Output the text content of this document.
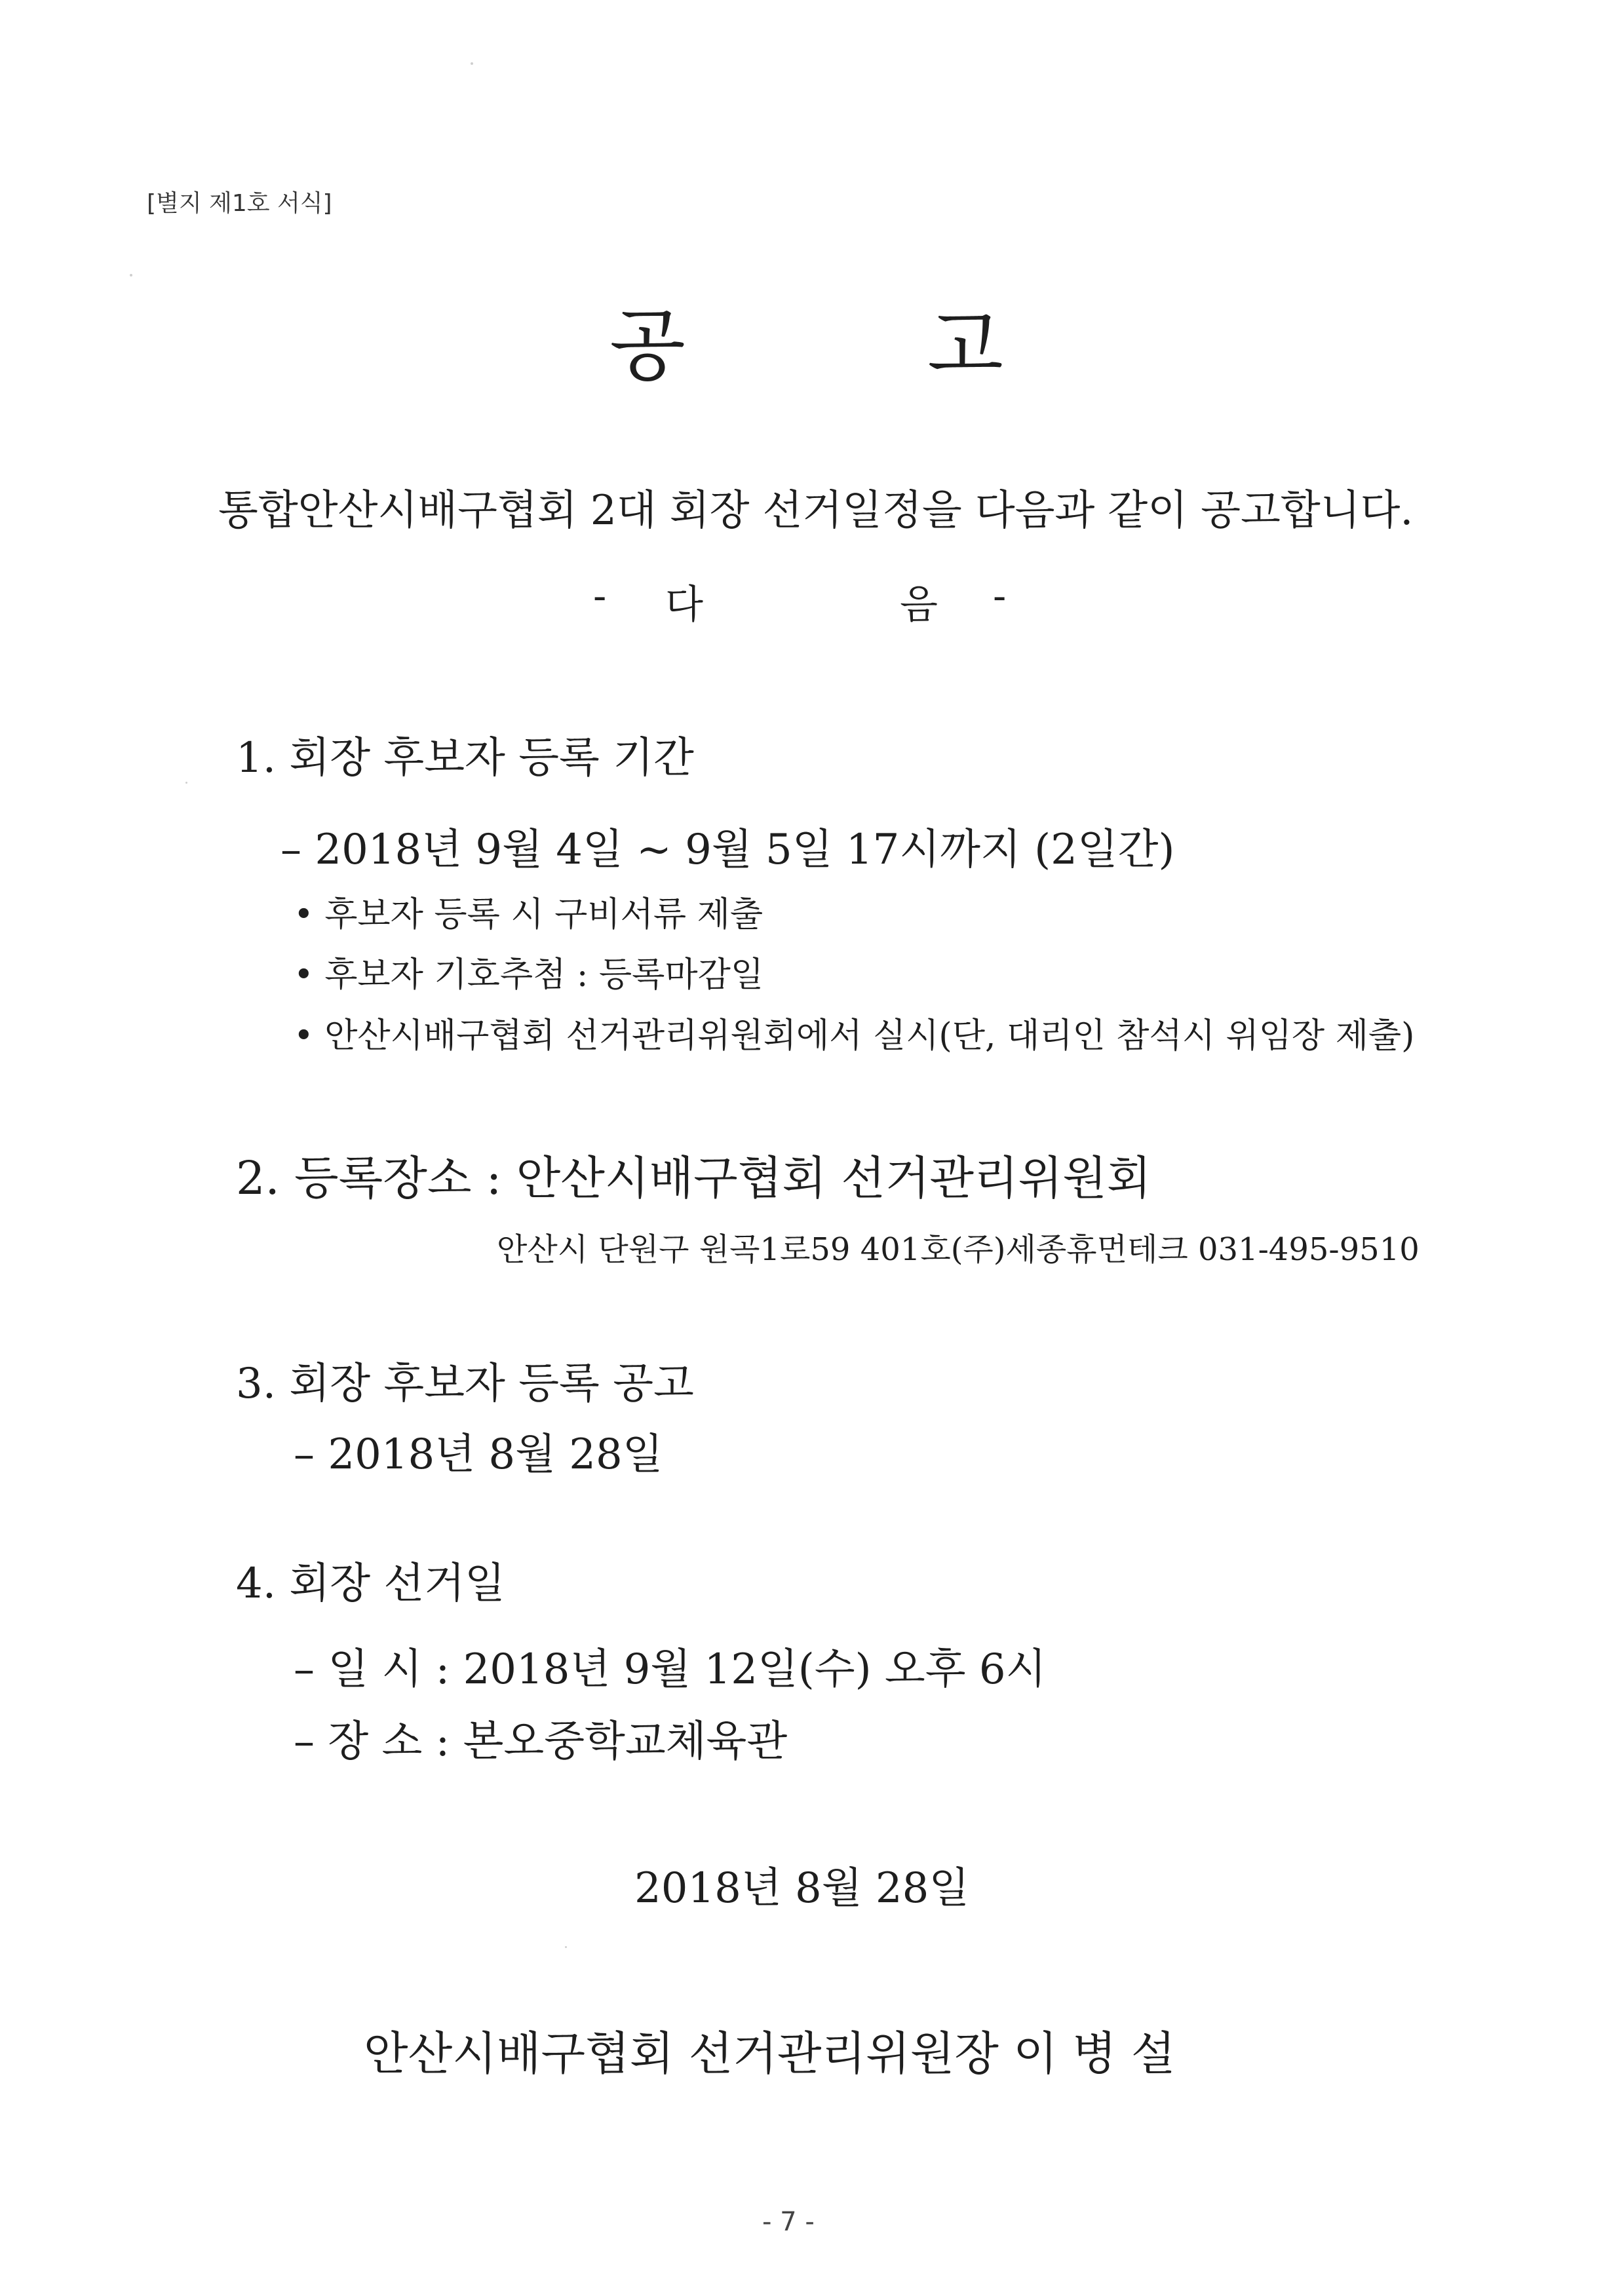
[별지 제1호 서식]
공	고
통합안산시배구협회 2대 회장 선거일정을 다음과 같이 공고합니다.
- 다	음 -
1. 회장 후보자 등록 기간
– 2018년 9월 4일 ~ 9월 5일 17시까지 (2일간)
• 후보자 등록 시 구비서류 제출
• 후보자 기호추첨 : 등록마감일
• 안산시배구협회 선거관리위원회에서 실시(단, 대리인 참석시 위임장 제출)
2. 등록장소 : 안산시배구협회 선거관리위원회
안산시 단원구 원곡1로59 401호(주)세종휴먼테크 031-495-9510
3. 회장 후보자 등록 공고
– 2018년 8월 28일
4. 회장 선거일
– 일 시 : 2018년 9월 12일(수) 오후 6시
– 장 소 : 본오중학교체육관
2018년 8월 28일
안산시배구협회 선거관리위원장 이 병 설
- 7 -
